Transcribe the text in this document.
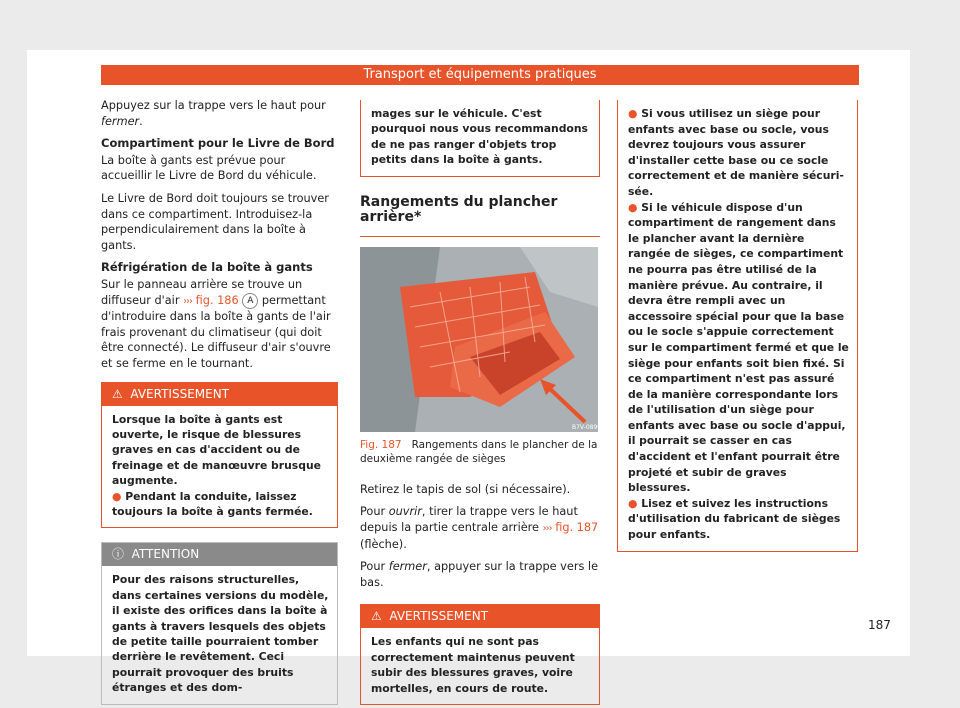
Transport et équipements pratiques

Appuyez sur la trappe vers le haut pour fermer.

Compartiment pour le Livre de Bord

La boîte à gants est prévue pour accueillir le Livre de Bord du véhicule.

Le Livre de Bord doit toujours se trouver dans ce compartiment. Introduisez-la perpendiculairement dans la boîte à gants.

Réfrigération de la boîte à gants

Sur le panneau arrière se trouve un diffuseur d'air ››› fig. 186 A permettant d'introduire dans la boîte à gants de l'air frais provenant du climatiseur (qui doit être connecté). Le diffuseur d'air s'ouvre et se ferme en le tournant.

⚠ AVERTISSEMENT

Lorsque la boîte à gants est ouverte, le risque de blessures graves en cas d'accident ou de freinage et de manœuvre brusque augmente.

● Pendant la conduite, laissez toujours la boîte à gants fermée.

ⓘ ATTENTION

Pour des raisons structurelles, dans certaines versions du modèle, il existe des orifices dans la boîte à gants à travers lesquels des objets de petite taille pourraient tomber derrière le revêtement. Ceci pourrait provoquer des bruits étranges et des dom-

mages sur le véhicule. C'est pourquoi nous vous recommandons de ne pas ranger d'objets trop petits dans la boîte à gants.
Rangements du plancher arrière*
B7V-0899
Fig. 187 Rangements dans le plancher de la deuxième rangée de sièges

Retirez le tapis de sol (si nécessaire).

Pour ouvrir, tirer la trappe vers le haut depuis la partie centrale arrière ››› fig. 187 (flèche).

Pour fermer, appuyer sur la trappe vers le bas.

⚠ AVERTISSEMENT
Les enfants qui ne sont pas correctement maintenus peuvent subir des blessures graves, voire mortelles, en cours de route.

● Si vous utilisez un siège pour enfants avec base ou socle, vous devrez toujours vous assurer d'installer cette base ou ce socle correctement et de manière sécurisée.

● Si le véhicule dispose d'un compartiment de rangement dans le plancher avant la dernière rangée de sièges, ce compartiment ne pourra pas être utilisé de la manière prévue. Au contraire, il devra être rempli avec un accessoire spécial pour que la base ou le socle s'appuie correctement sur le compartiment fermé et que le siège pour enfants soit bien fixé. Si ce compartiment n'est pas assuré de la manière correspondante lors de l'utilisation d'un siège pour enfants avec base ou socle d'appui, il pourrait se casser en cas d'accident et l'enfant pourrait être projeté et subir de graves blessures.

● Lisez et suivez les instructions d'utilisation du fabricant de sièges pour enfants.

187
